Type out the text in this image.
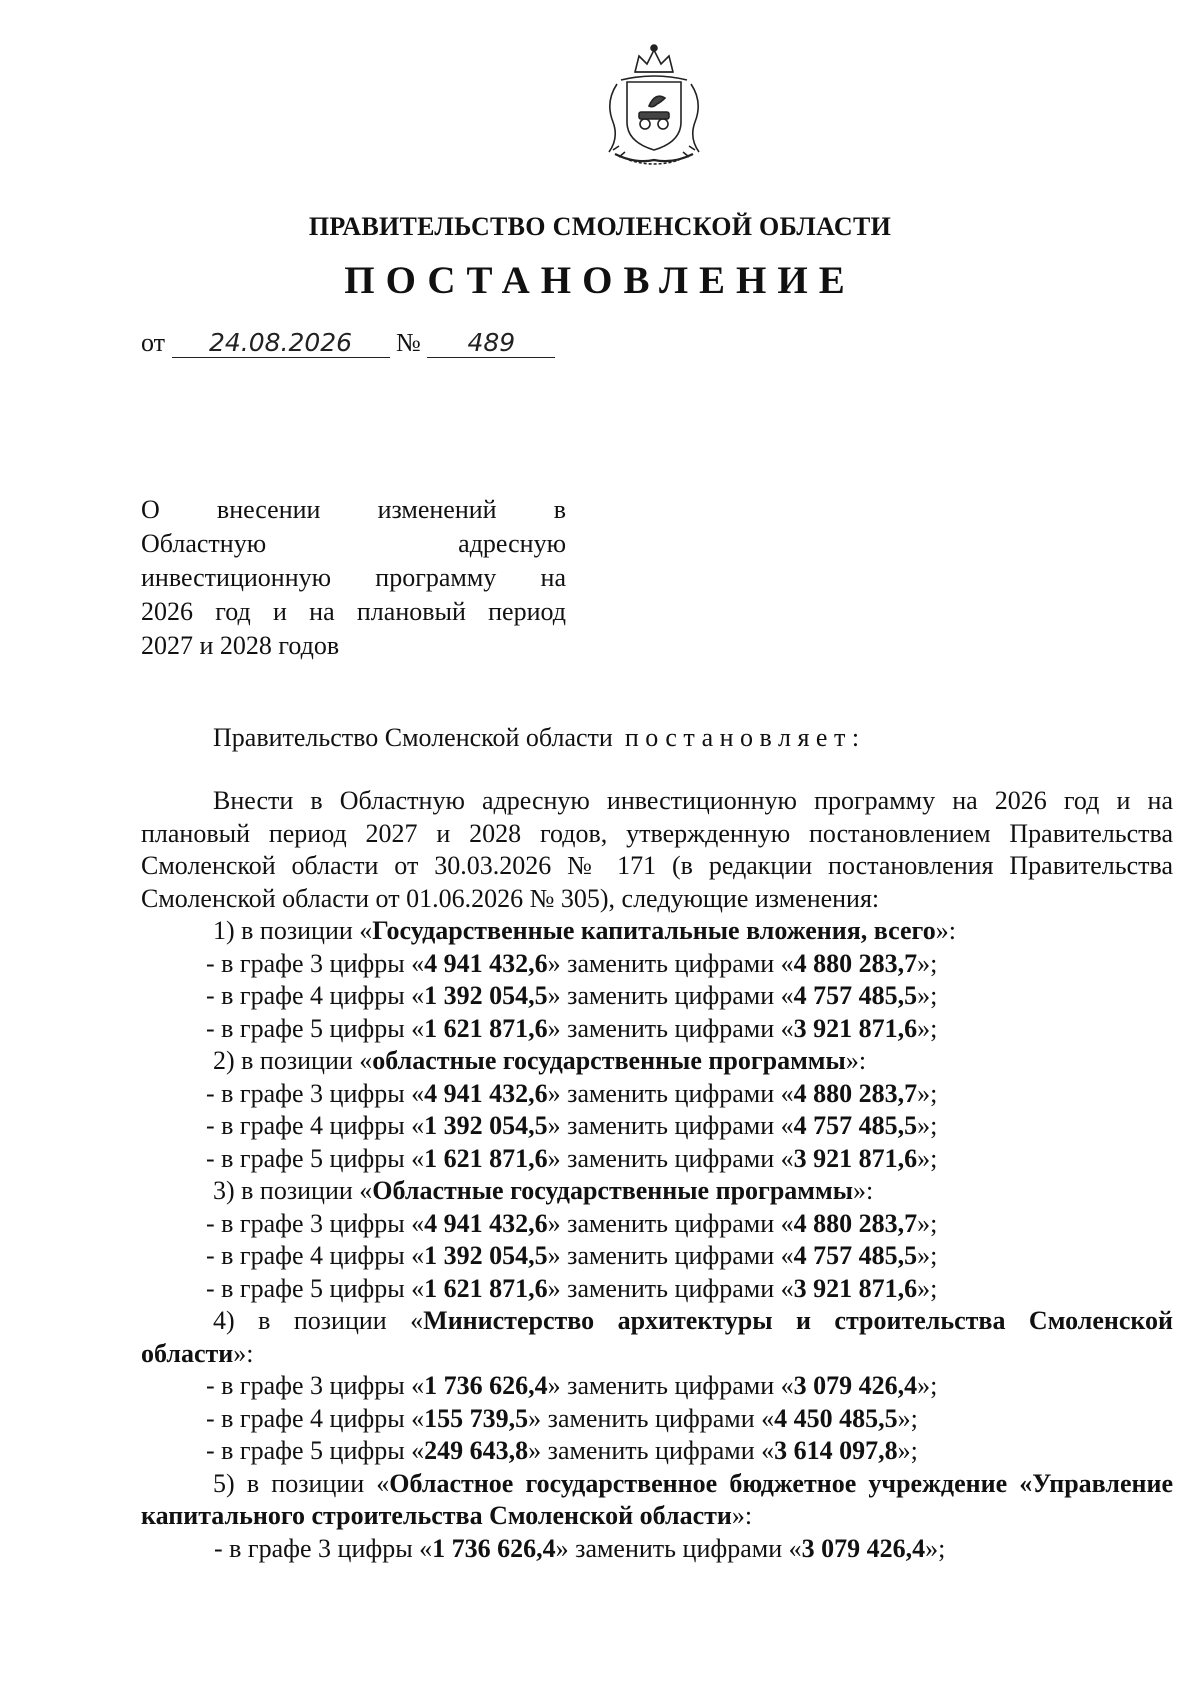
ПРАВИТЕЛЬСТВО СМОЛЕНСКОЙ ОБЛАСТИ
ПОСТАНОВЛЕНИЕ
от 24.08.2026 № 489
О внесении изменений в
Областную адресную
инвестиционную программу на
2026 год и на плановый период
2027 и 2028 годов
Правительство Смоленской области постановляет:

Внести в Областную адресную инвестиционную программу на 2026 год и на плановый период 2027 и 2028 годов, утвержденную постановлением Правительства Смоленской области от 30.03.2026 № 171 (в редакции постановления Правительства Смоленской области от 01.06.2026 № 305), следующие изменения:

1) в позиции «Государственные капитальные вложения, всего»:

- в графе 3 цифры «4 941 432,6» заменить цифрами «4 880 283,7»;

- в графе 4 цифры «1 392 054,5» заменить цифрами «4 757 485,5»;

- в графе 5 цифры «1 621 871,6» заменить цифрами «3 921 871,6»;

2) в позиции «областные государственные программы»:

- в графе 3 цифры «4 941 432,6» заменить цифрами «4 880 283,7»;

- в графе 4 цифры «1 392 054,5» заменить цифрами «4 757 485,5»;

- в графе 5 цифры «1 621 871,6» заменить цифрами «3 921 871,6»;

3) в позиции «Областные государственные программы»:

- в графе 3 цифры «4 941 432,6» заменить цифрами «4 880 283,7»;

- в графе 4 цифры «1 392 054,5» заменить цифрами «4 757 485,5»;

- в графе 5 цифры «1 621 871,6» заменить цифрами «3 921 871,6»;

4) в позиции «Министерство архитектуры и строительства Смоленской области»:

- в графе 3 цифры «1 736 626,4» заменить цифрами «3 079 426,4»;

- в графе 4 цифры «155 739,5» заменить цифрами «4 450 485,5»;

- в графе 5 цифры «249 643,8» заменить цифрами «3 614 097,8»;

5) в позиции «Областное государственное бюджетное учреждение «Управление капитального строительства Смоленской области»:

- в графе 3 цифры «1 736 626,4» заменить цифрами «3 079 426,4»;
